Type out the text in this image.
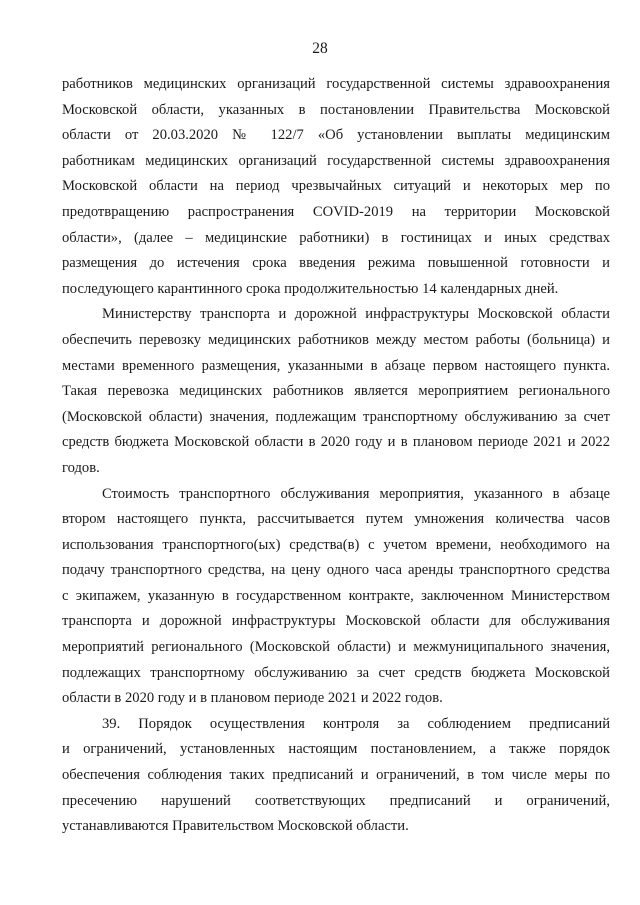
28

работников медицинских организаций государственной системы здравоохранения
Московской области, указанных в постановлении Правительства Московской
области от 20.03.2020 № 122/7 «Об установлении выплаты медицинским
работникам медицинских организаций государственной системы здравоохранения
Московской области на период чрезвычайных ситуаций и некоторых мер по
предотвращению распространения COVID-2019 на территории Московской
области», (далее – медицинские работники) в гостиницах и иных средствах
размещения до истечения срока введения режима повышенной готовности и
последующего карантинного срока продолжительностью 14 календарных дней.

Министерству транспорта и дорожной инфраструктуры Московской области
обеспечить перевозку медицинских работников между местом работы (больница) и
местами временного размещения, указанными в абзаце первом настоящего пункта.
Такая перевозка медицинских работников является мероприятием регионального
(Московской области) значения, подлежащим транспортному обслуживанию за счет
средств бюджета Московской области в 2020 году и в плановом периоде 2021 и 2022
годов.

Стоимость транспортного обслуживания мероприятия, указанного в абзаце
втором настоящего пункта, рассчитывается путем умножения количества часов
использования транспортного(ых) средства(в) с учетом времени, необходимого на
подачу транспортного средства, на цену одного часа аренды транспортного средства
с экипажем, указанную в государственном контракте, заключенном Министерством
транспорта и дорожной инфраструктуры Московской области для обслуживания
мероприятий регионального (Московской области) и межмуниципального значения,
подлежащих транспортному обслуживанию за счет средств бюджета Московской
области в 2020 году и в плановом периоде 2021 и 2022 годов.

39. Порядок осуществления контроля за соблюдением предписаний
и ограничений, установленных настоящим постановлением, а также порядок
обеспечения соблюдения таких предписаний и ограничений, в том числе меры по
пресечению нарушений соответствующих предписаний и ограничений,
устанавливаются Правительством Московской области.
